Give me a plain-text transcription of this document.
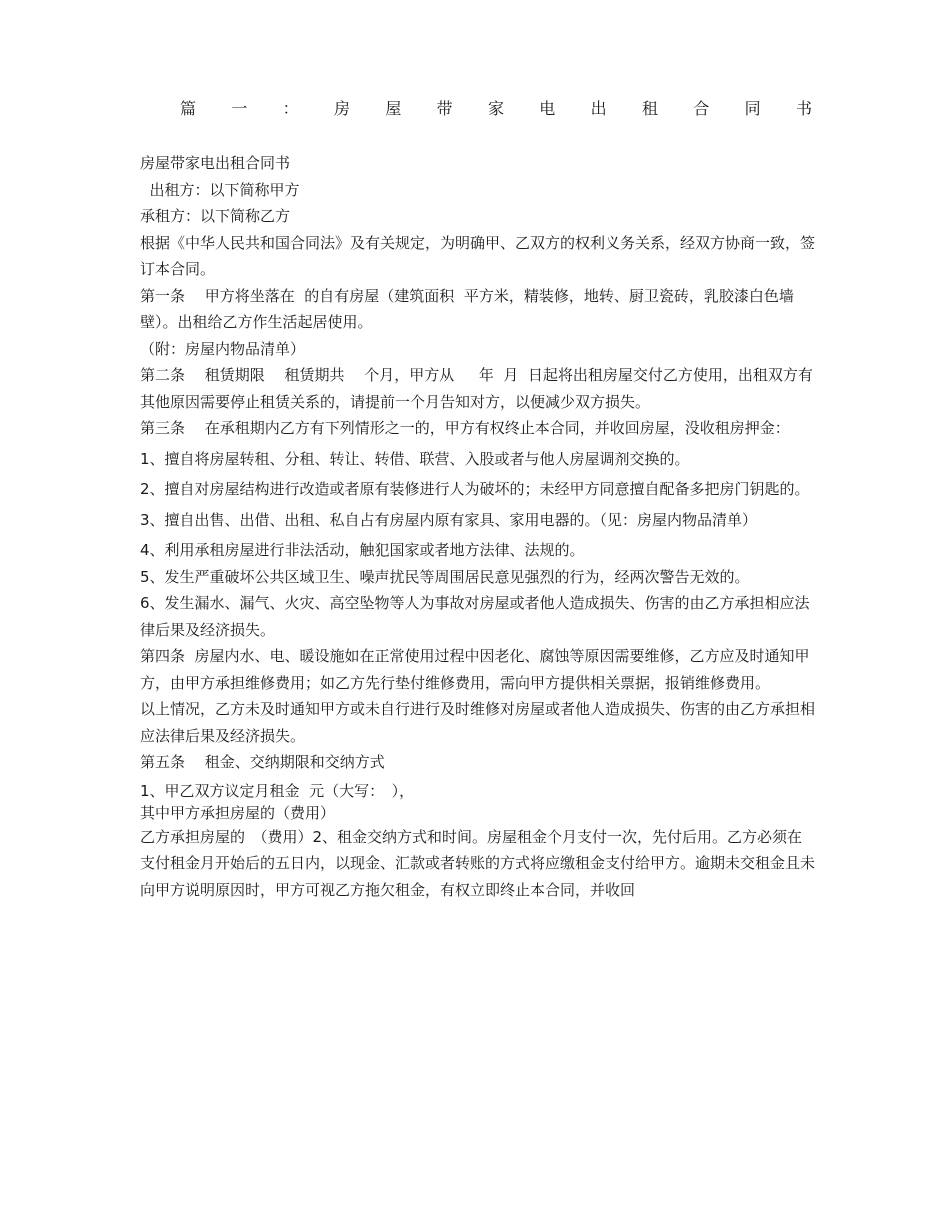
篇 一 ： 房 屋 带 家 电 出 租 合 同 书

房屋带家电出租合同书

出租方：以下简称甲方

承租方：以下简称乙方

根据《中华人民共和国合同法》及有关规定，为明确甲、乙双方的权利义务关系，经双方协商一致，签订本合同。

第一条　 甲方将坐落在  的自有房屋（建筑面积  平方米，精装修，地转、厨卫瓷砖，乳胶漆白色墙壁）。出租给乙方作生活起居使用。

（附：房屋内物品清单）

第二条　 租赁期限　 租赁期共　 个月，甲方从　  年  月  日起将出租房屋交付乙方使用，出租双方有其他原因需要停止租赁关系的，请提前一个月告知对方，以便减少双方损失。

第三条　 在承租期内乙方有下列情形之一的，甲方有权终止本合同，并收回房屋，没收租房押金：

1、擅自将房屋转租、分租、转让、转借、联营、入股或者与他人房屋调剂交换的。

2、擅自对房屋结构进行改造或者原有装修进行人为破坏的；未经甲方同意擅自配备多把房门钥匙的。

3、擅自出售、出借、出租、私自占有房屋内原有家具、家用电器的。（见：房屋内物品清单）

4、利用承租房屋进行非法活动，触犯国家或者地方法律、法规的。

5、发生严重破坏公共区域卫生、噪声扰民等周围居民意见强烈的行为，经两次警告无效的。

6、发生漏水、漏气、火灾、高空坠物等人为事故对房屋或者他人造成损失、伤害的由乙方承担相应法律后果及经济损失。

第四条  房屋内水、电、暖设施如在正常使用过程中因老化、腐蚀等原因需要维修，乙方应及时通知甲方，由甲方承担维修费用；如乙方先行垫付维修费用，需向甲方提供相关票据，报销维修费用。

以上情况，乙方未及时通知甲方或未自行进行及时维修对房屋或者他人造成损失、伤害的由乙方承担相应法律后果及经济损失。

第五条　 租金、交纳期限和交纳方式

1、甲乙双方议定月租金  元（大写：　），

其中甲方承担房屋的（费用）

乙方承担房屋的　（费用）2、租金交纳方式和时间。房屋租金个月支付一次，先付后用。乙方必须在支付租金月开始后的五日内，以现金、汇款或者转账的方式将应缴租金支付给甲方。逾期未交租金且未向甲方说明原因时，甲方可视乙方拖欠租金，有权立即终止本合同，并收回
